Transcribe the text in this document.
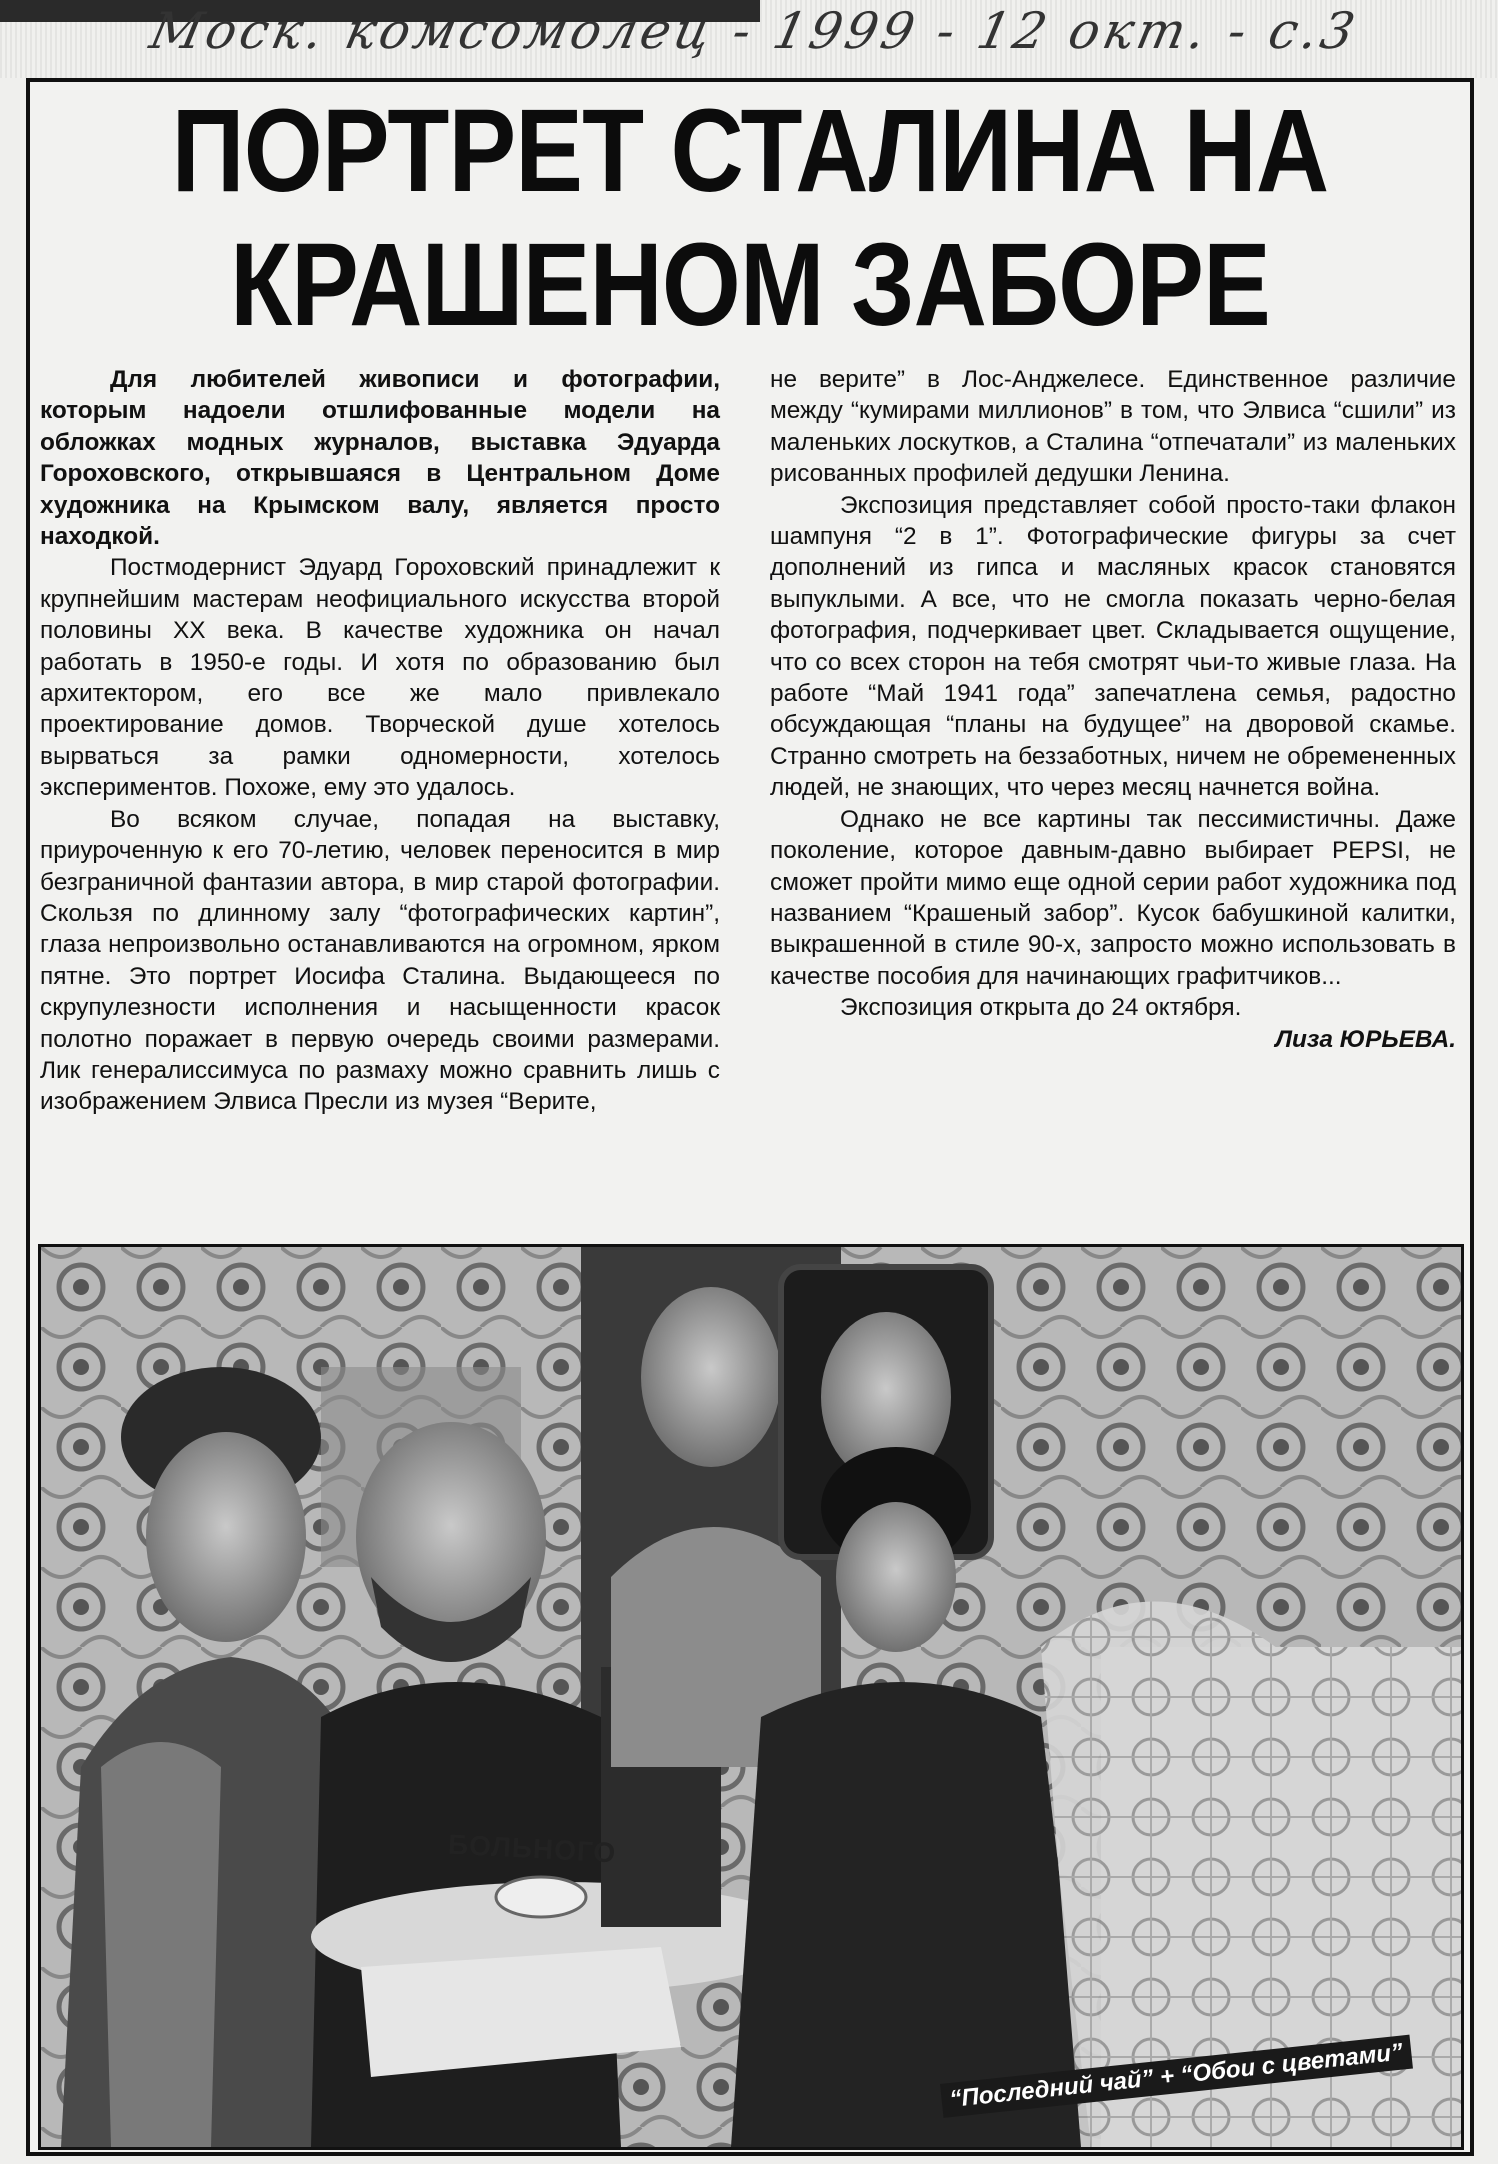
Моск. комсомолец - 1999 - 12 окт. - с.3
ПОРТРЕТ СТАЛИНА НА
КРАШЕНОМ ЗАБОРЕ

Для любителей живописи и фотографии, которым надоели отшлифованные модели на обложках модных журналов, выставка Эдуарда Гороховского, открывшаяся в Центральном Доме художника на Крымском валу, является просто находкой.

Постмодернист Эдуард Гороховский принадлежит к крупнейшим мастерам неофициального искусства второй половины XX века. В качестве художника он начал работать в 1950-е годы. И хотя по образованию был архитектором, его все же мало привлекало проектирование домов. Творческой душе хотелось вырваться за рамки одномерности, хотелось экспериментов. Похоже, ему это удалось.

Во всяком случае, попадая на выставку, приуроченную к его 70-летию, человек переносится в мир безграничной фантазии автора, в мир старой фотографии. Скользя по длинному залу “фотографических картин”, глаза непроизвольно останавливаются на огромном, ярком пятне. Это портрет Иосифа Сталина. Выдающееся по скрупулезности исполнения и насыщенности красок полотно поражает в первую очередь своими размерами. Лик генералиссимуса по размаху можно сравнить лишь с изображением Элвиса Пресли из музея “Верите,

не верите” в Лос-Анджелесе. Единственное различие между “кумирами миллионов” в том, что Элвиса “сшили” из маленьких лоскутков, а Сталина “отпечатали” из маленьких рисованных профилей дедушки Ленина.

Экспозиция представляет собой просто-таки флакон шампуня “2 в 1”. Фотографические фигуры за счет дополнений из гипса и масляных красок становятся выпуклыми. А все, что не смогла показать черно-белая фотография, подчеркивает цвет. Складывается ощущение, что со всех сторон на тебя смотрят чьи-то живые глаза. На работе “Май 1941 года” запечатлена семья, радостно обсуждающая “планы на будущее” на дворовой скамье. Странно смотреть на беззаботных, ничем не обремененных людей, не знающих, что через месяц начнется война.

Однако не все картины так пессимистичны. Даже поколение, которое давным-давно выбирает PEPSI, не сможет пройти мимо еще одной серии работ художника под названием “Крашеный забор”. Кусок бабушкиной калитки, выкрашенной в стиле 90-х, запросто можно использовать в качестве пособия для начинающих графитчиков...

Экспозиция открыта до 24 октября.

Лиза ЮРЬЕВА.

БОЛЬНОГО
“Последний чай” + “Обои с цветами”
